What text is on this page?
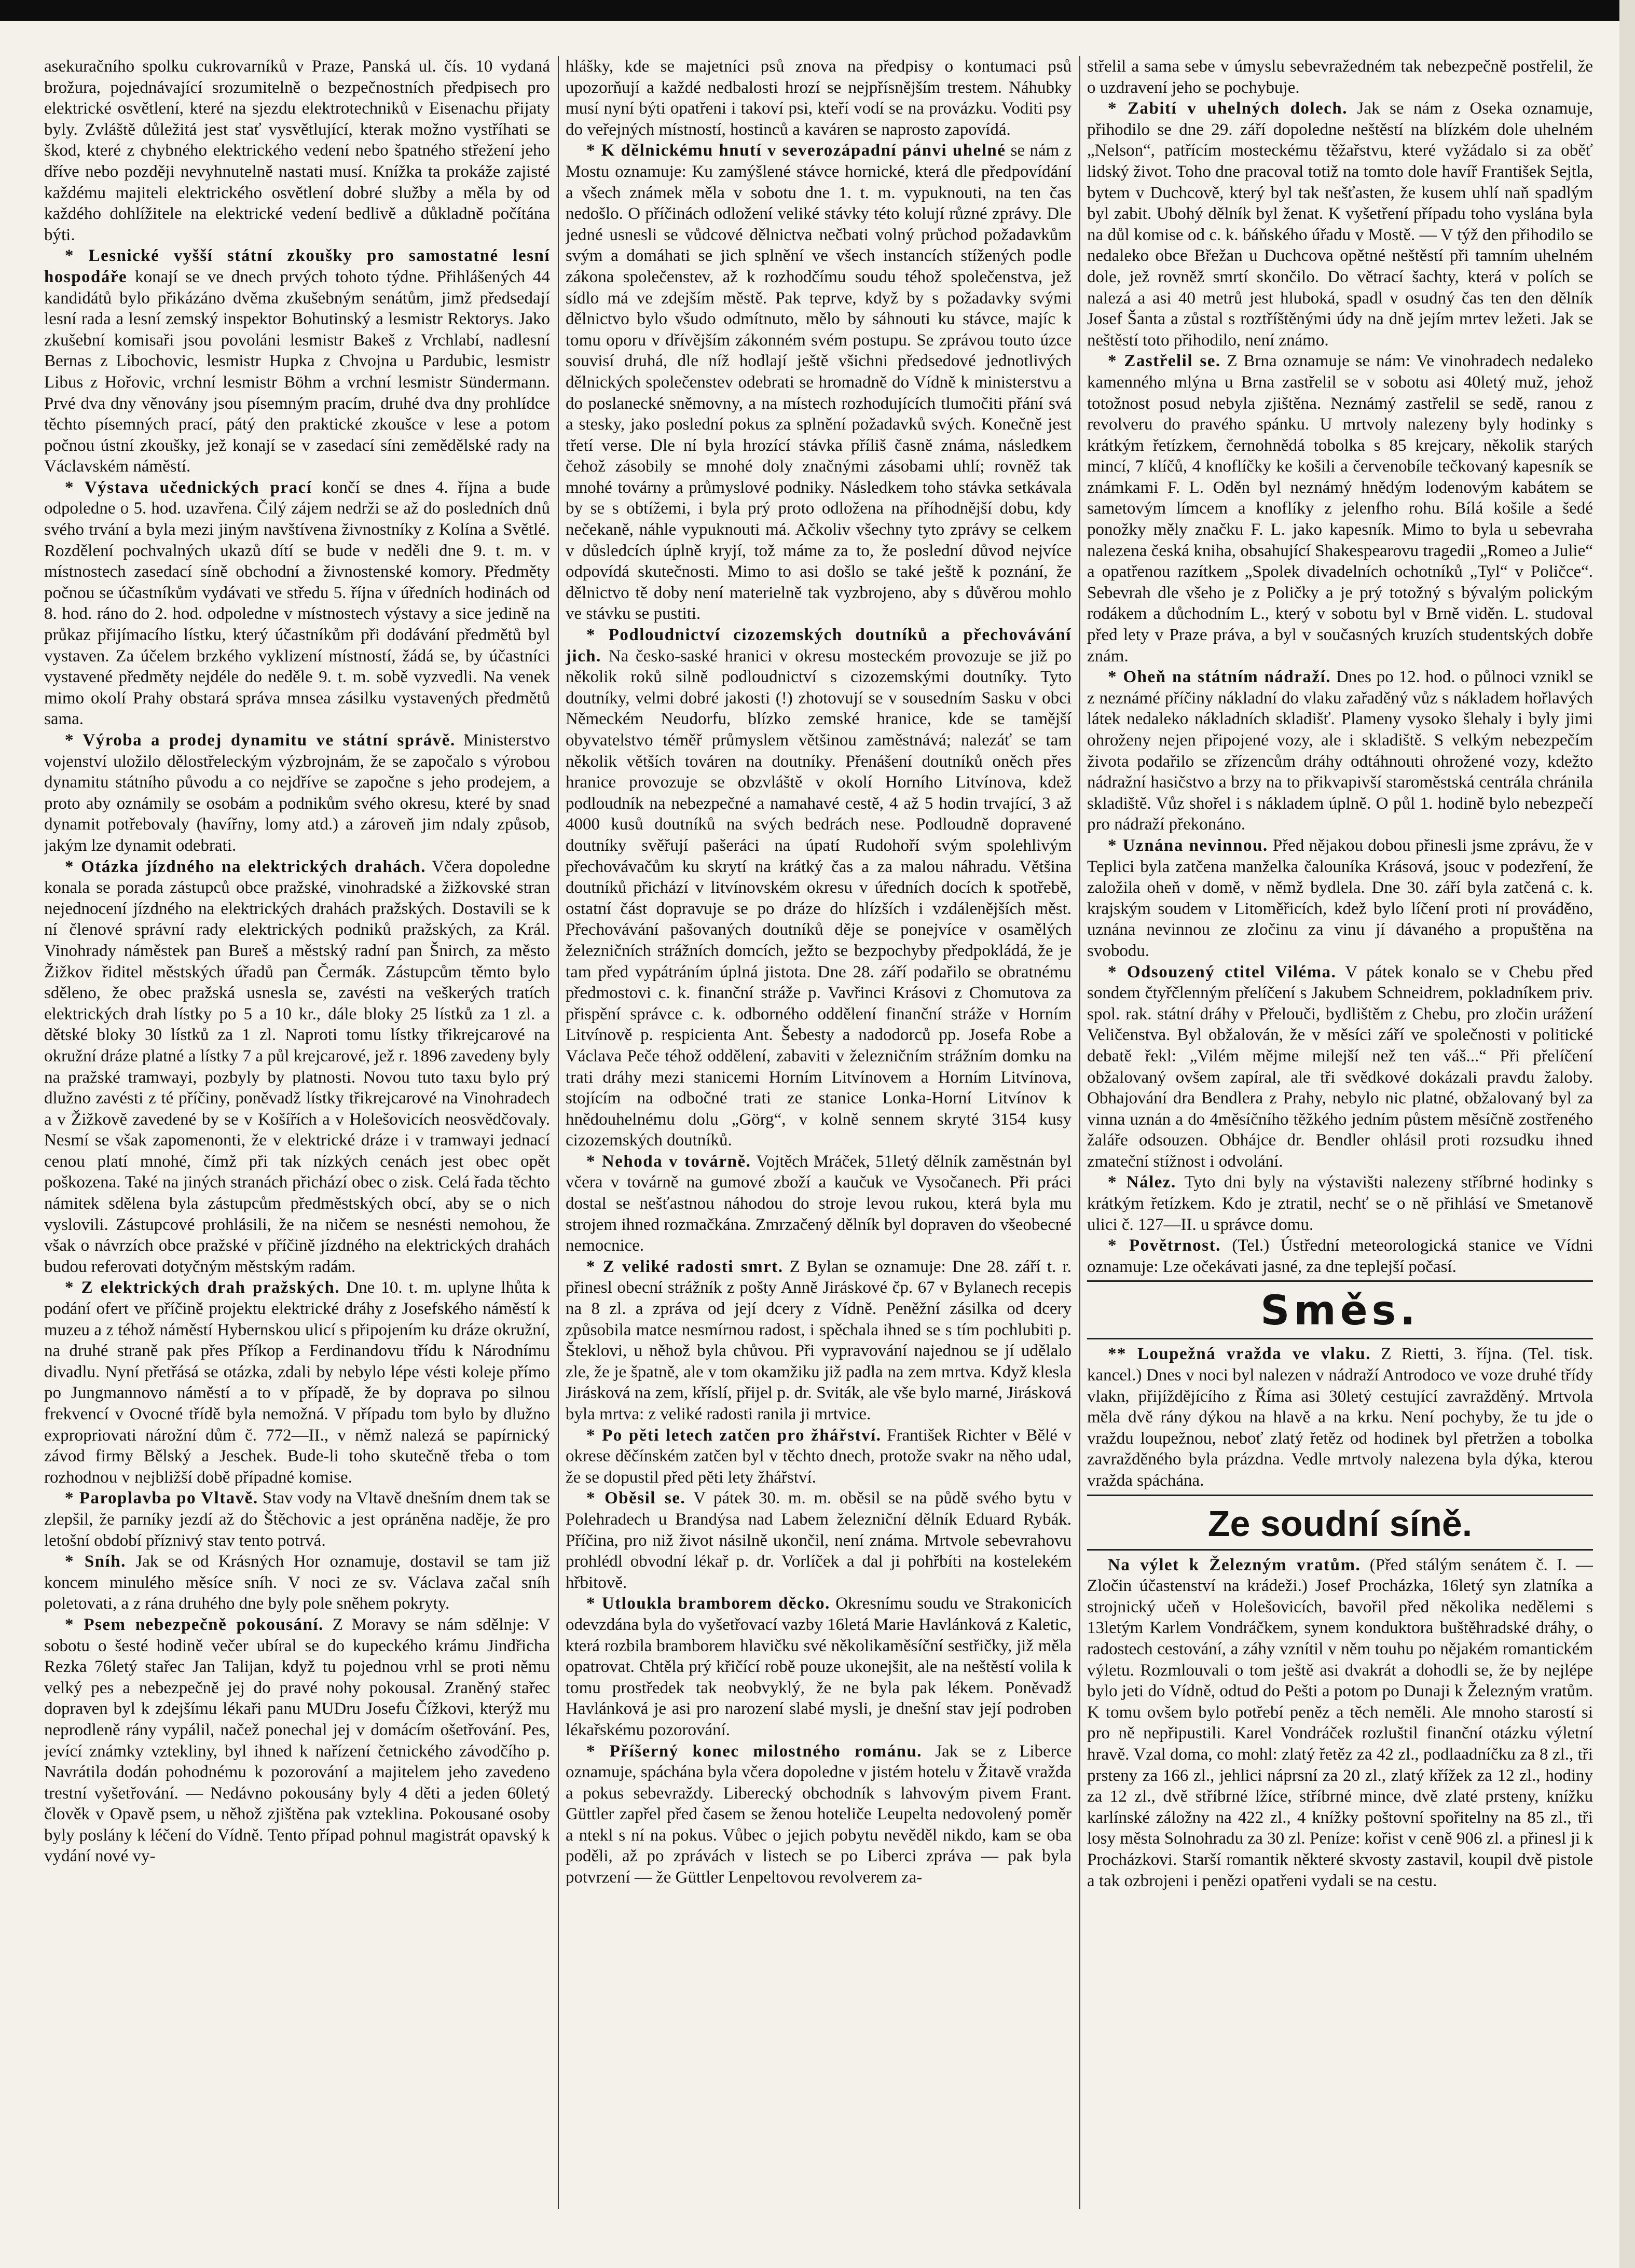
asekuračního spolku cukrovarníků v Praze, Panská ul. čís. 10 vydaná brožura, pojednávající srozumitelně o bezpečnostních předpisech pro elektrické osvětlení, které na sjezdu elektrotechniků v Eisenachu přijaty byly. Zvláště důležitá jest stať vysvětlující, kterak možno vystříhati se škod, které z chybného elektrického vedení nebo špatného střežení jeho dříve nebo později nevyhnutelně nastati musí. Knížka ta prokáže zajisté každému majiteli elektrického osvětlení dobré služby a měla by od každého dohlížitele na elektrické vedení bedlivě a důkladně počítána býti.

* Lesnické vyšší státní zkoušky pro samostatné lesní hospodáře konají se ve dnech prvých tohoto týdne. Přihlášených 44 kandidátů bylo přikázáno dvěma zkušebným senátům, jimž předsedají lesní rada a lesní zemský inspektor Bohutinský a lesmistr Rektorys. Jako zkušební komisaři jsou povoláni lesmistr Bakeš z Vrchlabí, nadlesní Bernas z Libochovic, lesmistr Hupka z Chvojna u Pardubic, lesmistr Libus z Hořovic, vrchní lesmistr Böhm a vrchní lesmistr Sündermann. Prvé dva dny věnovány jsou písemným pracím, druhé dva dny prohlídce těchto písemných prací, pátý den praktické zkoušce v lese a potom počnou ústní zkoušky, jež konají se v zasedací síni zemědělské rady na Václavském náměstí.

* Výstava učednických prací končí se dnes 4. října a bude odpoledne o 5. hod. uzavřena. Čilý zájem nedrži se až do posledních dnů svého trvání a byla mezi jiným navštívena živnostníky z Kolína a Světlé. Rozdělení pochvalných ukazů dítí se bude v neděli dne 9. t. m. v místnostech zasedací síně obchodní a živnostenské komory. Předměty počnou se účastníkům vydávati ve středu 5. října v úředních hodinách od 8. hod. ráno do 2. hod. odpoledne v místnostech výstavy a sice jedině na průkaz přijímacího lístku, který účastníkům při dodávání předmětů byl vystaven. Za účelem brzkého vyklizení místností, žádá se, by účastníci vystavené předměty nejdéle do neděle 9. t. m. sobě vyzvedli. Na venek mimo okolí Prahy obstará správa mnsea zásilku vystavených předmětů sama.

* Výroba a prodej dynamitu ve státní správě. Ministerstvo vojenství uložilo dělostřeleckým výzbrojnám, že se započalo s výrobou dynamitu státního původu a co nejdříve se započne s jeho prodejem, a proto aby oznámily se osobám a podnikům svého okresu, které by snad dynamit potřebovaly (havířny, lomy atd.) a zároveň jim ndaly způsob, jakým lze dynamit odebrati.

* Otázka jízdného na elektrických drahách. Včera dopoledne konala se porada zástupců obce pražské, vinohradské a žižkovské stran nejednocení jízdného na elektrických drahách pražských. Dostavili se k ní členové správní rady elektrických podniků pražských, za Král. Vinohrady náměstek pan Bureš a městský radní pan Šnirch, za město Žižkov řiditel městských úřadů pan Čermák. Zástupcům těmto bylo sděleno, že obec pražská usnesla se, zavésti na veškerých tratích elektrických drah lístky po 5 a 10 kr., dále bloky 25 lístků za 1 zl. a dětské bloky 30 lístků za 1 zl. Naproti tomu lístky třikrejcarové na okružní dráze platné a lístky 7 a půl krejcarové, jež r. 1896 zavedeny byly na pražské tramwayi, pozbyly by platnosti. Novou tuto taxu bylo prý dlužno zavésti z té příčiny, poněvadž lístky třikrejcarové na Vinohradech a v Žižkově zavedené by se v Košířích a v Holešovicích neosvědčovaly. Nesmí se však zapomenonti, že v elektrické dráze i v tramwayi jednací cenou platí mnohé, čímž při tak nízkých cenách jest obec opět poškozena. Také na jiných stranách přichází obec o zisk. Celá řada těchto námitek sdělena byla zástupcům předměstských obcí, aby se o nich vyslovili. Zástupcové prohlásili, že na ničem se nesnésti nemohou, že však o návrzích obce pražské v příčině jízdného na elektrických drahách budou referovati dotyčným městským radám.

* Z elektrických drah pražských. Dne 10. t. m. uplyne lhůta k podání ofert ve příčině projektu elektrické dráhy z Josefského náměstí k muzeu a z téhož náměstí Hybernskou ulicí s připojením ku dráze okružní, na druhé straně pak přes Příkop a Ferdinandovu třídu k Národnímu divadlu. Nyní přetřásá se otázka, zdali by nebylo lépe vésti koleje přímo po Jungmannovo náměstí a to v případě, že by doprava po silnou frekvencí v Ovocné třídě byla nemožná. V případu tom bylo by dlužno expropriovati nárožní dům č. 772—II., v němž nalezá se papírnický závod firmy Bělský a Jeschek. Bude-li toho skutečně třeba o tom rozhodnou v nejbližší době případné komise.

* Paroplavba po Vltavě. Stav vody na Vltavě dnešním dnem tak se zlepšil, že parníky jezdí až do Štěchovic a jest opráněna naděje, že pro letošní období příznivý stav tento potrvá.

* Sníh. Jak se od Krásných Hor oznamuje, dostavil se tam již koncem minulého měsíce sníh. V noci ze sv. Václava začal sníh poletovati, a z rána druhého dne byly pole sněhem pokryty.

* Psem nebezpečně pokousání. Z Moravy se nám sdělnje: V sobotu o šesté hodině večer ubíral se do kupeckého krámu Jindřicha Rezka 76letý stařec Jan Talijan, když tu pojednou vrhl se proti němu velký pes a nebezpečně jej do pravé nohy pokousal. Zraněný stařec dopraven byl k zdejšímu lékaři panu MUDru Josefu Čížkovi, kterýž mu neprodleně rány vypálil, načež ponechal jej v domácím ošetřování. Pes, jevící známky vzteklinу, byl ihned k nařízení četnického závodčího p. Navrátila dodán pohodnému k pozorování a majitelem jeho zavedeno trestní vyšetřování. — Nedávno pokousány byly 4 děti a jeden 60letý člověk v Opavě psem, u něhož zjištěna pak vzteklina. Pokousané osoby byly poslány k léčení do Vídně. Tento případ pohnul magistrát opavský k vydání nové vy-

hlášky, kde se majetníci psů znova na předpisy o kontumaci psů upozorňují a každé nedbalosti hrozí se nejpřísnějším trestem. Náhubky musí nyní býti opatřeni i takoví psi, kteří vodí se na provázku. Voditi psy do veřejných místností, hostinců a kaváren se naprosto zapovídá.

* K dělnickému hnutí v severozápadní pánvi uhelné se nám z Mostu oznamuje: Ku zamýšlené stávce hornické, která dle předpovídání a všech známek měla v sobotu dne 1. t. m. vypuknouti, na ten čas nedošlo. O příčinách odložení veliké stávky této kolují různé zprávy. Dle jedné usnesli se vůdcové dělnictva nečbati volný průchod požadavkům svým a domáhati se jich splnění ve všech instancích stížených podle zákona společenstev, až k rozhodčímu soudu téhož společenstva, jež sídlo má ve zdejším městě. Pak teprve, když by s požadavky svými dělnictvo bylo všudo odmítnuto, mělo by sáhnouti ku stávce, majíc k tomu oporu v dřívějším zákonném svém postupu. Se zprávou touto úzce souvisí druhá, dle níž hodlají ještě všichni předsedové jednotlivých dělnických společenstev odebrati se hromadně do Vídně k ministerstvu a do poslanecké sněmovny, a na místech rozhodujících tlumočiti přání svá a stesky, jako poslední pokus za splnění požadavků svých. Konečně jest třetí verse. Dle ní byla hrozící stávka příliš časně známa, následkem čehož zásobily se mnohé doly značnými zásobami uhlí; rovněž tak mnohé továrny a průmyslové podniky. Následkem toho stávka setkávala by se s obtížemi, i byla prý proto odložena na příhodnější dobu, kdy nečekaně, náhle vypuknouti má. Ačkoliv všechny tyto zprávy se celkem v důsledcích úplně kryjí, tož máme za to, že poslední důvod nejvíce odpovídá skutečnosti. Mimo to asi došlo se také ještě k poznání, že dělnictvo tě doby není materielně tak vyzbrojeno, aby s důvěrou mohlo ve stávku se pustiti.

* Podloudnictví cizozemských doutníků a přechovávání jich. Na česko-saské hranici v okresu mosteckém provozuje se již po několik roků silně podloudnictví s cizozemskými doutníky. Tyto doutníky, velmi dobré jakosti (!) zhotovují se v sousedním Sasku v obci Německém Neudorfu, blízko zemské hranice, kde se tamější obyvatelstvo téměř průmyslem většinou zaměstnává; nalezáť se tam několik větších továren na doutníky. Přenášení doutníků oněch přes hranice provozuje se obzvláště v okolí Horního Litvínova, kdež podloudník na nebezpečné a namahavé cestě, 4 až 5 hodin trvající, 3 až 4000 kusů doutníků na svých bedrách nese. Podloudně dopravené doutníky svěřují pašeráci na úpatí Rudohoří svým spolehlivým přechovávačům ku skrytí na krátký čas a za malou náhradu. Většina doutníků přichází v litvínovském okresu v úředních docích k spotřebě, ostatní část dopravuje se po dráze do hlízších i vzdálenějších měst. Přechovávání pašovaných doutníků děje se ponejvíce v osamělých železničních strážních domcích, ježto se bezpochyby předpokládá, že je tam před vypátráním úplná jistota. Dne 28. září podařilo se obratnému předmostovi c. k. finanční stráže p. Vavřinci Krásovi z Chomutova za přispění správce c. k. odborného oddělení finanční stráže v Horním Litvínově p. respicienta Ant. Šebesty a nadodorců pp. Josefa Robe a Václava Peče téhož oddělení, zabaviti v železničním strážním domku na trati dráhy mezi stanicemi Horním Litvínovem a Horním Litvínova, stojícím na odbočné trati ze stanice Lonka-Horní Litvínov k hnědouhelnému dolu „Görg“, v kolně sennem skryté 3154 kusy cizozemských doutníků.

* Nehoda v továrně. Vojtěch Mráček, 51letý dělník zaměstnán byl včera v továrně na gumové zboží a kaučuk ve Vysočanech. Při práci dostal se nešťastnou náhodou do stroje levou rukou, která byla mu strojem ihned rozmačkána. Zmrzačený dělník byl dopraven do všeobecné nemocnice.

* Z veliké radosti smrt. Z Bylan se oznamuje: Dne 28. září t. r. přinesl obecní strážník z pošty Anně Jiráskové čp. 67 v Bylanech recepis na 8 zl. a zpráva od její dcery z Vídně. Peněžní zásilka od dcery způsobila matce nesmírnou radost, i spěchala ihned se s tím pochlubiti p. Šteklovi, u něhož byla chůvou. Při vypravování najednou se jí udělalo zle, že je špatně, ale v tom okamžiku již padla na zem mrtva. Když klesla Jirásková na zem, kříslí, přijel p. dr. Sviták, ale vše bylo marné, Jirásková byla mrtva: z veliké radosti ranila ji mrtvice.

* Po pěti letech zatčen pro žhářství. František Richter v Bělé v okrese děčínském zatčen byl v těchto dnech, protože svakr na něho udal, že se dopustil před pěti lety žhářství.

* Oběsil se. V pátek 30. m. m. oběsil se na půdě svého bytu v Polehradech u Brandýsa nad Labem železniční dělník Eduard Rybák. Příčina, pro niž život násilně ukončil, není známa. Mrtvole sebevrahovu prohlédl obvodní lékař p. dr. Vorlíček a dal ji pohřbíti na kostelekém hřbitově.

* Utloukla bramborem děcko. Okresnímu soudu ve Strakonicích odevzdána byla do vyšetřovací vazby 16letá Marie Havlánková z Kaletic, která rozbila bramborem hlavičku své několikaměsíční sestřičky, již měla opatrovat. Chtěla prý křičící robě pouze ukonejšit, ale na neštěstí volila k tomu prostředek tak neobvyklý, že ne byla pak lékem. Poněvadž Havlánková je asi pro narození slabé mysli, je dnešní stav její podroben lékařskému pozorování.

* Příšerný konec milostného románu. Jak se z Liberce oznamuje, spáchána byla včera dopoledne v jistém hotelu v Žitavě vražda a pokus sebevraždy. Liberecký obchodník s lahvovým pivem Frant. Güttler zapřel před časem se ženou hoteliče Leupelta nedovolený poměr a ntekl s ní na pokus. Vůbec o jejich pobytu nevěděl nikdo, kam se oba poděli, až po zprávách v listech se po Liberci zpráva — pak byla potvrzení — že Güttler Lenpeltovou revolverem za-

střelil a sama sebe v úmyslu sebevražedném tak nebezpečně postřelil, že o uzdravení jeho se pochybuje.

* Zabití v uhelných dolech. Jak se nám z Oseka oznamuje, přihodilo se dne 29. září dopoledne neštěstí na blízkém dole uhelném „Nelson“, patřícím mosteckému těžařstvu, které vyžádalo si za oběť lidský život. Toho dne pracoval totiž na tomto dole havíř František Sejtla, bytem v Duchcově, který byl tak nešťasten, že kusem uhlí naň spadlým byl zabit. Ubohý dělník byl ženat. K vyšetření případu toho vyslána byla na důl komise od c. k. báňského úřadu v Mostě. — V týž den přihodilo se nedaleko obce Břežan u Duchcova opětné neštěstí při tamním uhelném dole, jež rovněž smrtí skončilo. Do větrací šachty, která v polích se nalezá a asi 40 metrů jest hluboká, spadl v osudný čas ten den dělník Josef Šanta a zůstal s roztříštěnými údy na dně jejím mrtev ležeti. Jak se neštěstí toto přihodilo, není známo.

* Zastřelil se. Z Brna oznamuje se nám: Ve vinohradech nedaleko kamenného mlýna u Brna zastřelil se v sobotu asi 40letý muž, jehož totožnost posud nebyla zjištěna. Neznámý zastřelil se sedě, ranou z revolveru do pravého spánku. U mrtvoly nalezeny byly hodinky s krátkým řetízkem, černohnědá tobolka s 85 krejcary, několik starých mincí, 7 klíčů, 4 knoflíčky ke košili a červenobíle tečkovaný kapesník se známkami F. L. Oděn byl neznámý hnědým lodenovým kabátem se sametovým límcem a knoflíky z jelenfho rohu. Bílá košile a šedé ponožky měly značku F. L. jako kapesník. Mimo to byla u sebevraha nalezena česká kniha, obsahující Shakespearovu tragedii „Romeo a Julie“ a opatřenou razítkem „Spolek divadelních ochotníků „Tyl“ v Poličce“. Sebevrah dle všeho je z Poličky a je prý totožný s bývalým polickým rodákem a důchodním L., který v sobotu byl v Brně viděn. L. studoval před lety v Praze práva, a byl v současných kruzích studentských dobře znám.

* Oheň na státním nádraží. Dnes po 12. hod. o půlnoci vznikl se z neznámé příčiny nákladní do vlaku zařaděný vůz s nákladem hořlavých látek nedaleko nákladních skladišť. Plameny vysoko šlehaly i byly jimi ohroženy nejen připojené vozy, ale i skladiště. S velkým nebezpečím života podařilo se zřízencům dráhy odtáhnouti ohrožené vozy, kdežto nádražní hasičstvo a brzy na to přikvapivší staroměstská centrála chránila skladiště. Vůz shořel i s nákladem úplně. O půl 1. hodině bylo nebezpečí pro nádraží překonáno.

* Uznána nevinnou. Před nějakou dobou přinesli jsme zprávu, že v Teplici byla zatčena manželka čalouníka Krásová, jsouc v podezření, že založila oheň v domě, v němž bydlela. Dne 30. září byla zatčená c. k. krajským soudem v Litoměřicích, kdež bylo líčení proti ní prováděno, uznána nevinnou ze zločinu za vinu jí dávaného a propuštěna na svobodu.

* Odsouzený ctitel Viléma. V pátek konalo se v Chebu před sondem čtyřčlenným přelíčení s Jakubem Schneidrem, pokladníkem priv. spol. rak. státní dráhy v Přelouči, bydlištěm z Chebu, pro zločin urážení Veličenstva. Byl obžalován, že v měsíci září ve společnosti v politické debatě řekl: „Vilém mějme milejší než ten váš...“ Při přelíčení obžalovaný ovšem zapíral, ale tři svědkové dokázali pravdu žaloby. Obhajování dra Bendlera z Prahy, nebylo nic platné, obžalovaný byl za vinna uznán a do 4měsíčního těžkého jedním půstem měsíčně zostřeného žaláře odsouzen. Obhájce dr. Bendler ohlásil proti rozsudku ihned zmateční stížnost i odvolání.

* Nález. Tyto dni byly na výstavišti nalezeny stříbrné hodinky s krátkým řetízkem. Kdo je ztratil, nechť se o ně přihlásí ve Smetanově ulici č. 127—II. u správce domu.

* Povětrnost. (Tel.) Ústřední meteorologická stanice ve Vídni oznamuje: Lze očekávati jasné, za dne teplejší počasí.

Směs.

** Loupežná vražda ve vlaku. Z Rietti, 3. října. (Tel. tisk. kancel.) Dnes v noci byl nalezen v nádraží Antrodoco ve voze druhé třídy vlakn, přijíždějícího z Říma asi 30letý cestující zavražděný. Mrtvola měla dvě rány dýkou na hlavě a na krku. Není pochyby, že tu jde o vraždu loupežnou, neboť zlatý řetěz od hodinek byl přetržen a tobolka zavražděného byla prázdna. Vedle mrtvoly nalezena byla dýka, kterou vražda spáchána.

Ze soudní síně.

Na výlet k Železným vratům. (Před stálým senátem č. I. — Zločin účastenství na krádeži.) Josef Procházka, 16letý syn zlatníka a strojnický učeň v Holešovicích, bavořil před několika nedělemi s 13letým Karlem Vondráčkem, synem konduktora buštěhradské dráhy, o radostech cestování, a záhy vznítil v něm touhu po nějakém romantickém výletu. Rozmlouvali o tom ještě asi dvakrát a dohodli se, že by nejlépe bylo jeti do Vídně, odtud do Pešti a potom po Dunaji k Železným vratům. K tomu ovšem bylo potřebí peněz a těch neměli. Ale mnoho starostí si pro ně nepřipustili. Karel Vondráček rozluštil finanční otázku výletní hravě. Vzal doma, co mohl: zlatý řetěz za 42 zl., podlaadníčku za 8 zl., tři prsteny za 166 zl., jehlici náprsní za 20 zl., zlatý křížek za 12 zl., hodiny za 12 zl., dvě stříbrné lžíce, stříbrné mince, dvě zlaté prsteny, knížku karlínské záložny na 422 zl., 4 knížky poštovní spořitelny na 85 zl., tři losy města Solnohradu za 30 zl. Peníze: kořist v ceně 906 zl. a přinesl ji k Procházkovi. Starší romantik některé skvosty zastavil, koupil dvě pistole a tak ozbrojeni i penězi opatřeni vydali se na cestu.
